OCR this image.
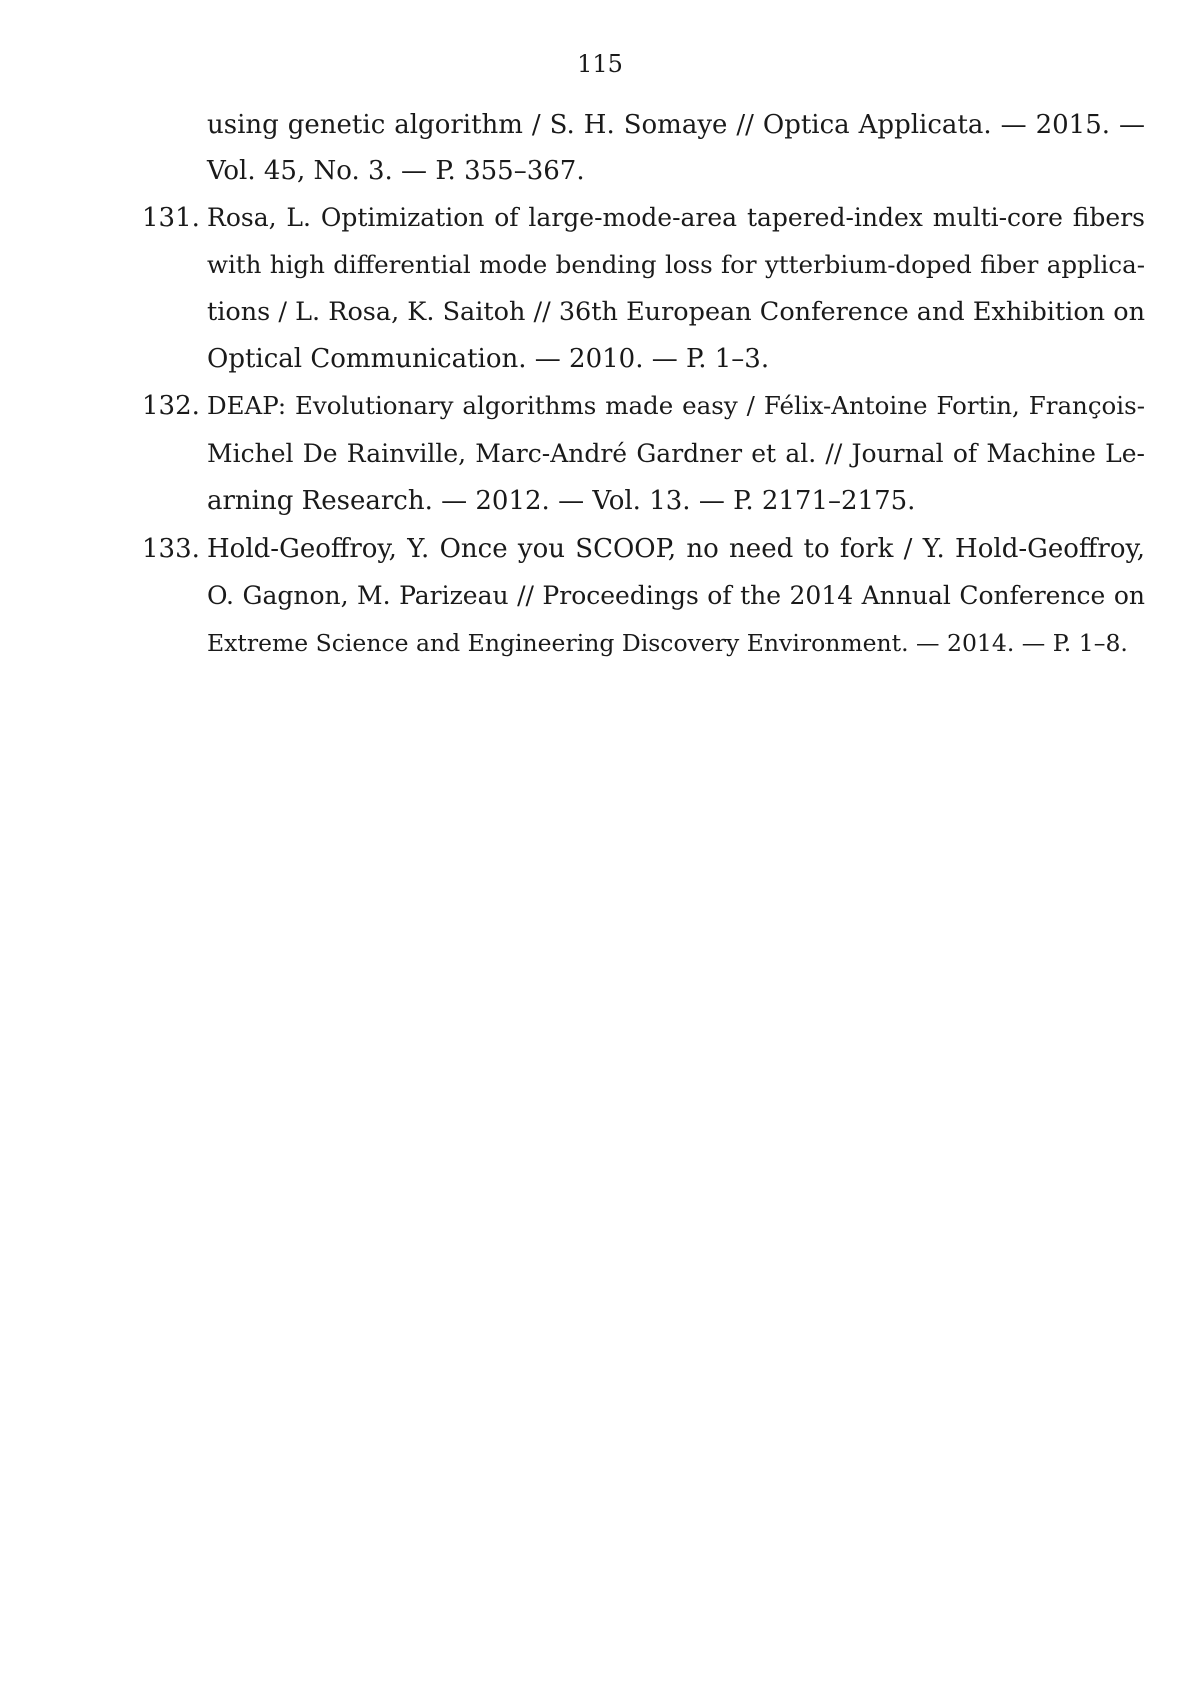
115
using genetic algorithm / S. H. Somaye // Optica Applicata. — 2015. —
Vol. 45, No. 3. — P. 355–367.
131. Rosa, L. Optimization of large-mode-area tapered-index multi-core fibers
with high differential mode bending loss for ytterbium-doped fiber applica-
tions / L. Rosa, K. Saitoh // 36th European Conference and Exhibition on
Optical Communication. — 2010. — P. 1–3.
132. DEAP: Evolutionary algorithms made easy / Félix-Antoine Fortin, François-
Michel De Rainville, Marc-André Gardner et al. // Journal of Machine Le-
arning Research. — 2012. — Vol. 13. — P. 2171–2175.
133. Hold-Geoffroy, Y. Once you SCOOP, no need to fork / Y. Hold-Geoffroy,
O. Gagnon, M. Parizeau // Proceedings of the 2014 Annual Conference on
Extreme Science and Engineering Discovery Environment. — 2014. — P. 1–8.
